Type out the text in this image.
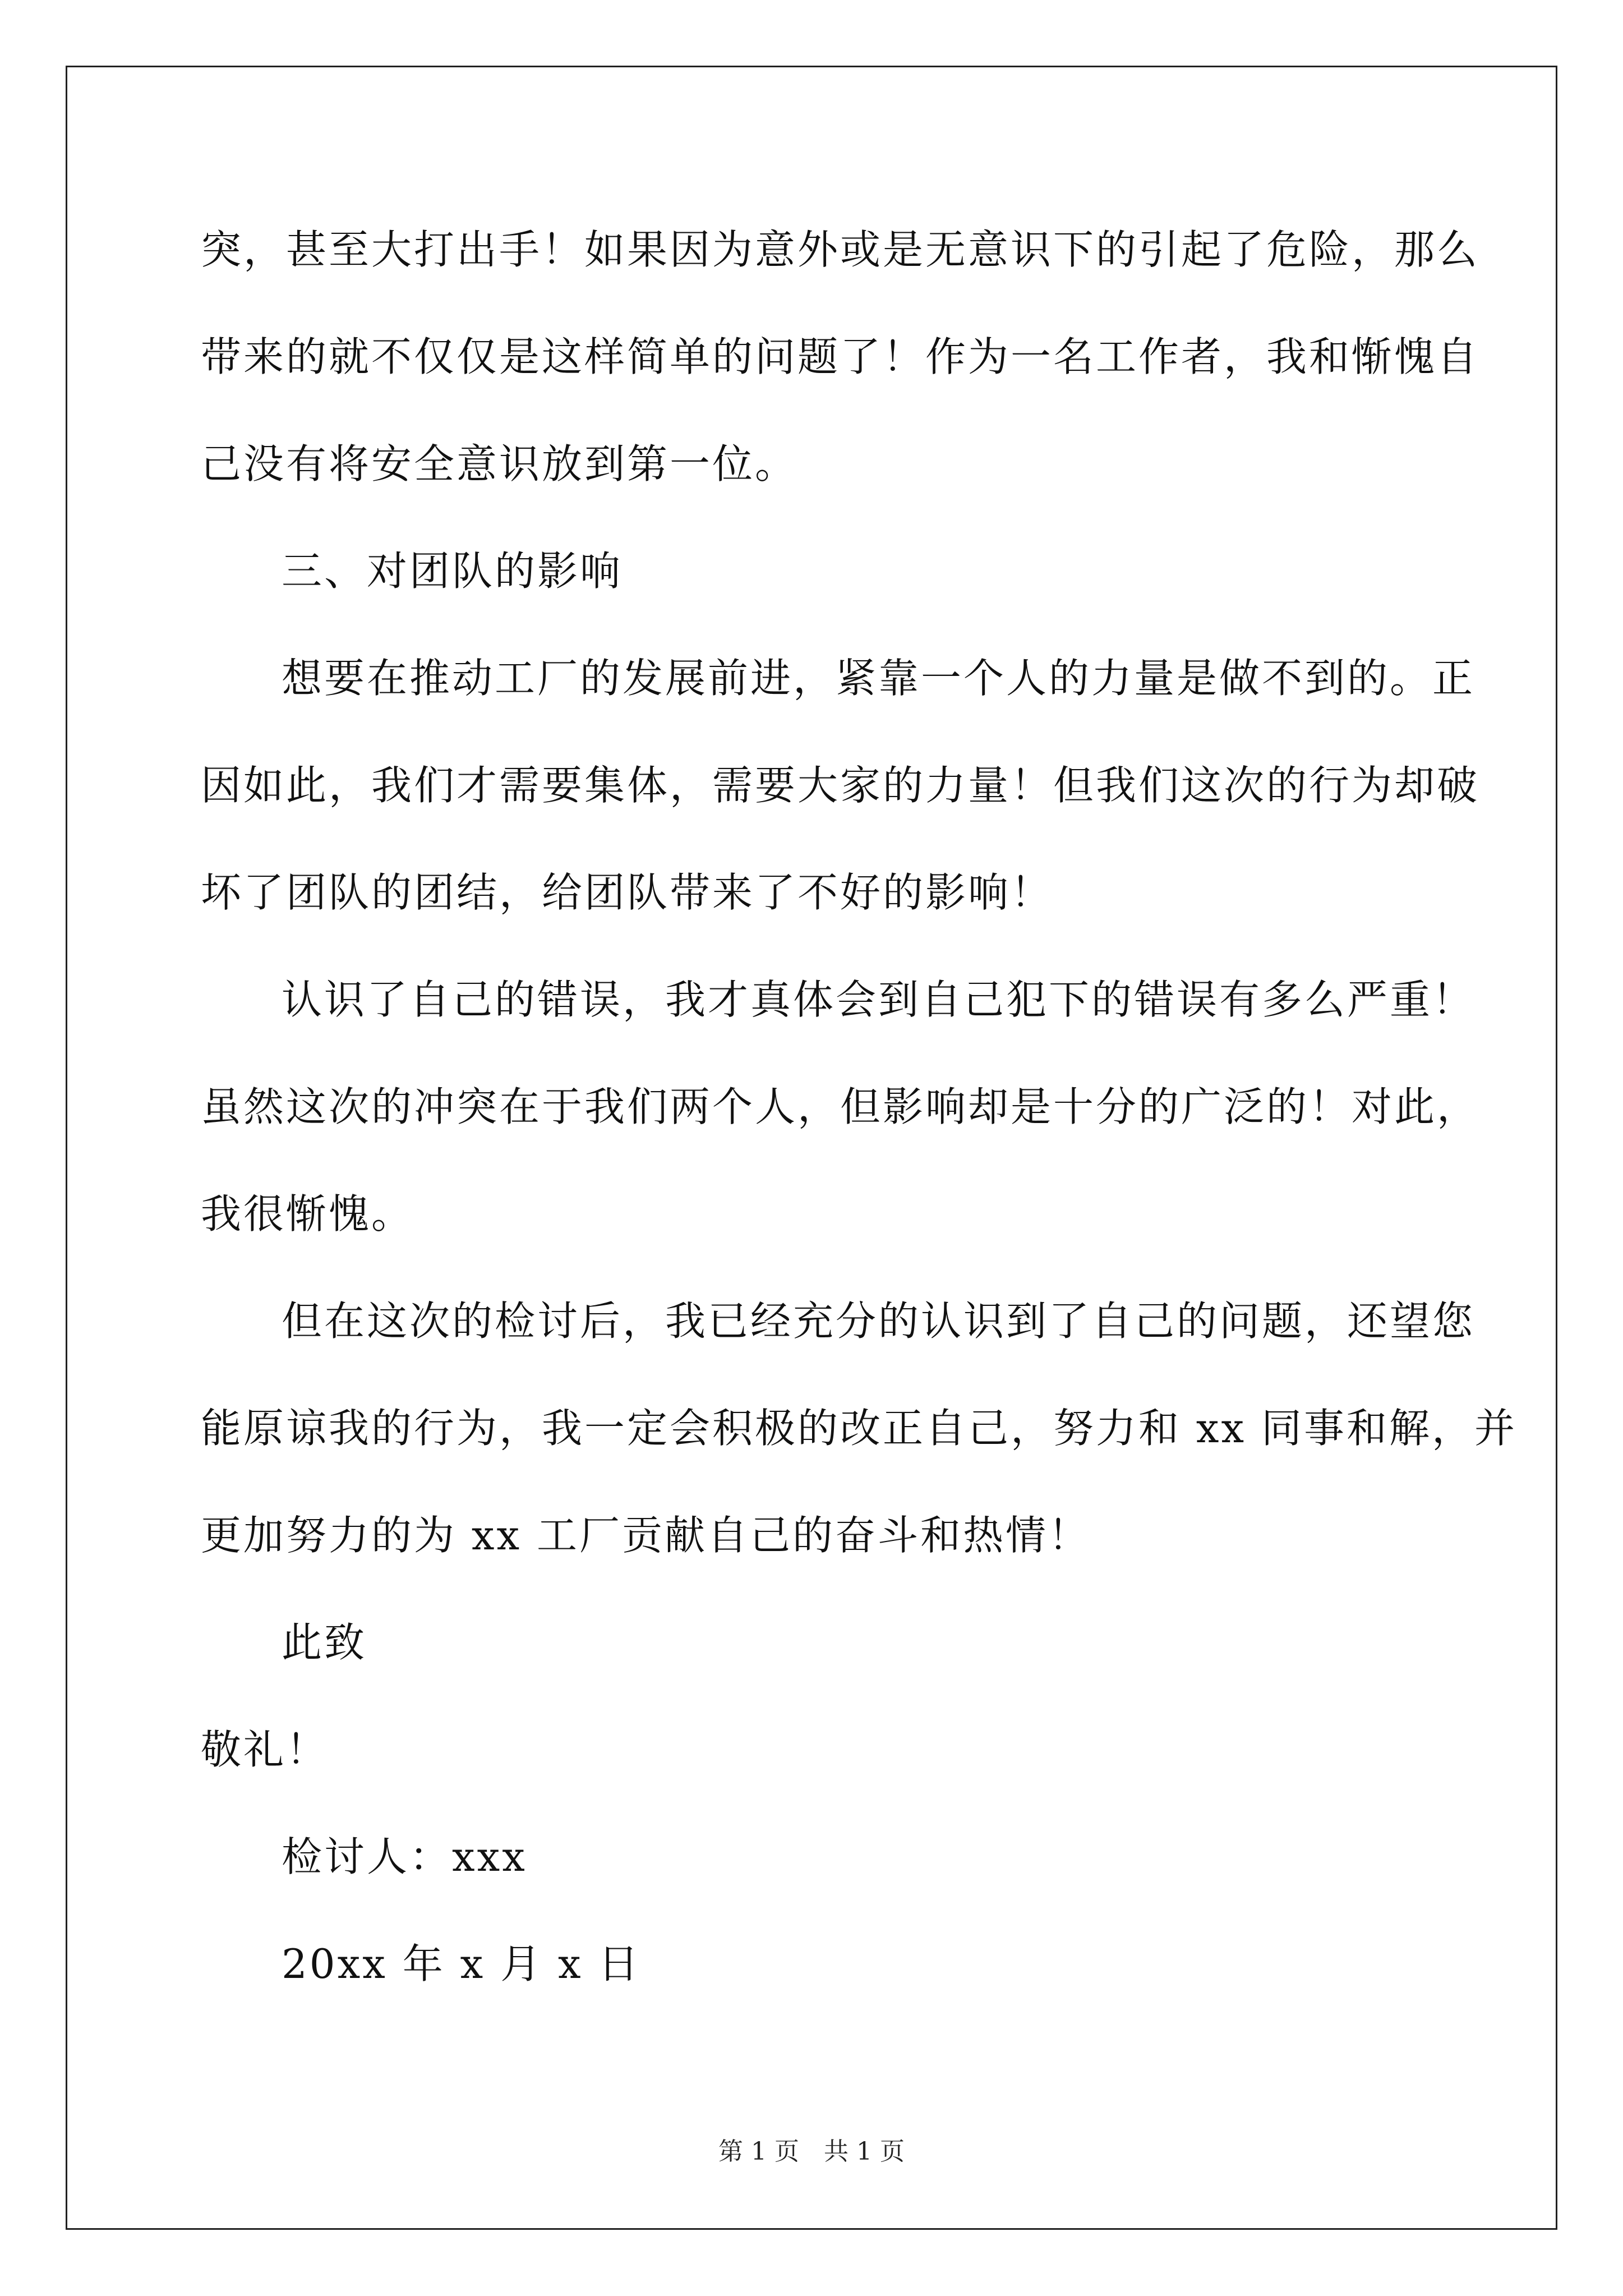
突，甚至大打出手！如果因为意外或是无意识下的引起了危险，那么
带来的就不仅仅是这样简单的问题了！作为一名工作者，我和惭愧自
己没有将安全意识放到第一位。
三、对团队的影响
想要在推动工厂的发展前进，紧靠一个人的力量是做不到的。正
因如此，我们才需要集体，需要大家的力量！但我们这次的行为却破
坏了团队的团结，给团队带来了不好的影响！
认识了自己的错误，我才真体会到自己犯下的错误有多么严重！
虽然这次的冲突在于我们两个人，但影响却是十分的广泛的！对此，
我很惭愧。
但在这次的检讨后，我已经充分的认识到了自己的问题，还望您
能原谅我的行为，我一定会积极的改正自己，努力和 xx 同事和解，并
更加努力的为 xx 工厂贡献自己的奋斗和热情！
此致
敬礼！
检讨人：xxx
20xx 年 x 月 x 日
第 1 页　共 1 页
